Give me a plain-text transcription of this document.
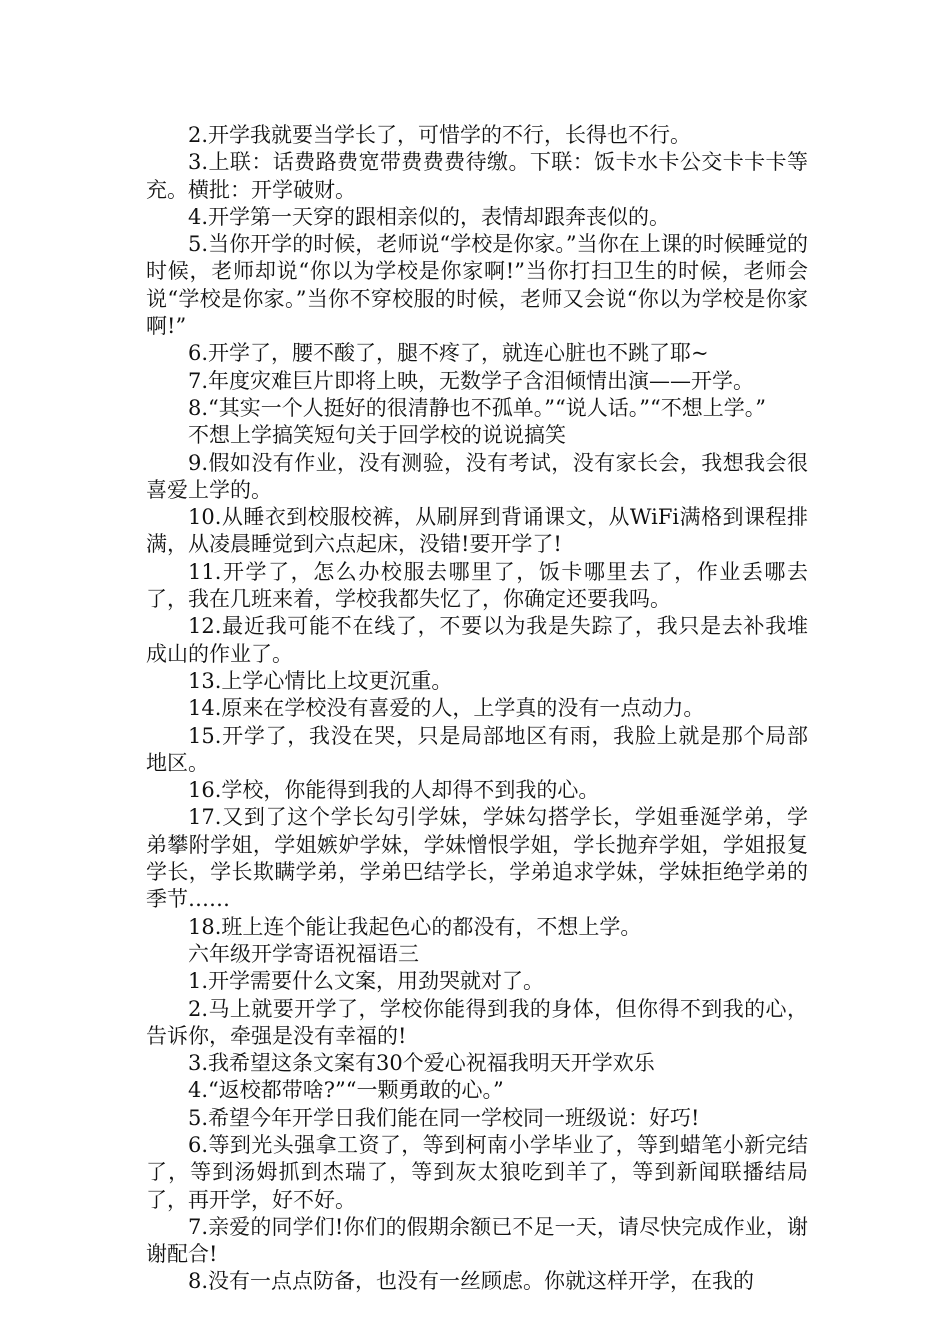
2.开学我就要当学长了，可惜学的不行，长得也不行。

3.上联：话费路费宽带费费费待缴。下联：饭卡水卡公交卡卡卡等充。横批：开学破财。

4.开学第一天穿的跟相亲似的，表情却跟奔丧似的。

5.当你开学的时候，老师说“学校是你家。”当你在上课的时候睡觉的时候，老师却说“你以为学校是你家啊!”当你打扫卫生的时候，老师会说“学校是你家。”当你不穿校服的时候，老师又会说“你以为学校是你家啊!”

6.开学了，腰不酸了，腿不疼了，就连心脏也不跳了耶~

7.年度灾难巨片即将上映，无数学子含泪倾情出演——开学。

8.“其实一个人挺好的很清静也不孤单。”“说人话。”“不想上学。”

不想上学搞笑短句关于回学校的说说搞笑

9.假如没有作业，没有测验，没有考试，没有家长会，我想我会很喜爱上学的。

10.从睡衣到校服校裤，从刷屏到背诵课文，从WiFi满格到课程排满，从凌晨睡觉到六点起床，没错!要开学了!

11.开学了，怎么办校服去哪里了，饭卡哪里去了，作业丢哪去了，我在几班来着，学校我都失忆了，你确定还要我吗。

12.最近我可能不在线了，不要以为我是失踪了，我只是去补我堆成山的作业了。

13.上学心情比上坟更沉重。

14.原来在学校没有喜爱的人，上学真的没有一点动力。

15.开学了，我没在哭，只是局部地区有雨，我脸上就是那个局部地区。

16.学校，你能得到我的人却得不到我的心。

17.又到了这个学长勾引学妹，学妹勾搭学长，学姐垂涎学弟，学弟攀附学姐，学姐嫉妒学妹，学妹憎恨学姐，学长抛弃学姐，学姐报复学长，学长欺瞒学弟，学弟巴结学长，学弟追求学妹，学妹拒绝学弟的季节……

18.班上连个能让我起色心的都没有，不想上学。

六年级开学寄语祝福语三

1.开学需要什么文案，用劲哭就对了。

2.马上就要开学了，学校你能得到我的身体，但你得不到我的心，告诉你，牵强是没有幸福的!

3.我希望这条文案有30个爱心祝福我明天开学欢乐

4.“返校都带啥?”“一颗勇敢的心。”

5.希望今年开学日我们能在同一学校同一班级说：好巧!

6.等到光头强拿工资了，等到柯南小学毕业了，等到蜡笔小新完结了，等到汤姆抓到杰瑞了，等到灰太狼吃到羊了，等到新闻联播结局了，再开学，好不好。

7.亲爱的同学们!你们的假期余额已不足一天，请尽快完成作业，谢谢配合!

8.没有一点点防备，也没有一丝顾虑。你就这样开学，在我的
